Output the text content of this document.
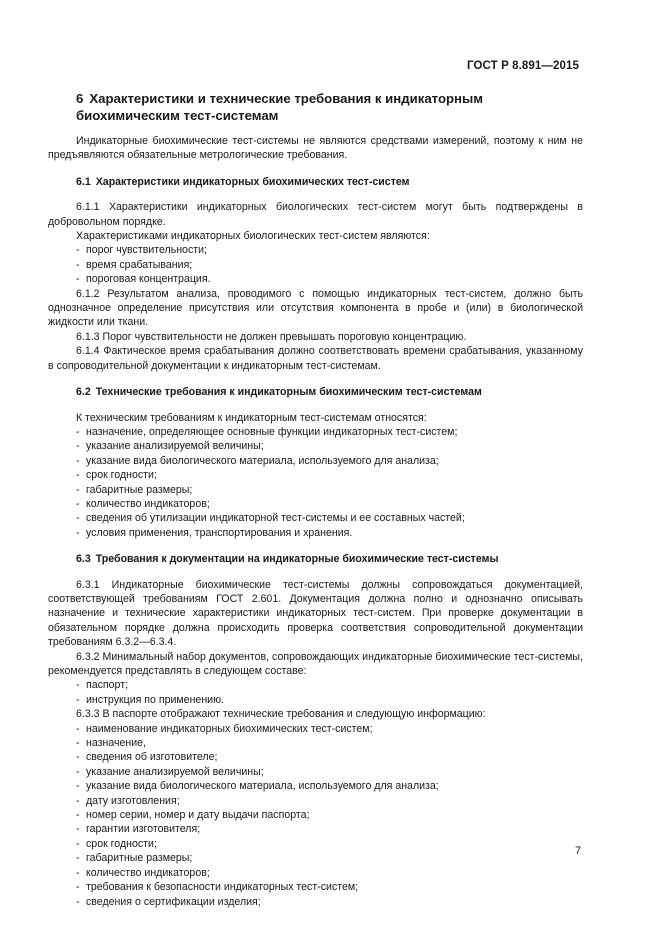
ГОСТ Р 8.891—2015
6 Характеристики и технические требования к индикаторным биохимическим тест-системам

Индикаторные биохимические тест-системы не являются средствами измерений, поэтому к ним не предъявляются обязательные метрологические требования.

6.1 Характеристики индикаторных биохимических тест-систем

6.1.1 Характеристики индикаторных биологических тест-систем могут быть подтверждены в добровольном порядке.

Характеристиками индикаторных биологических тест-систем являются:

- порог чувствительности;
- время срабатывания;
- пороговая концентрация.

6.1.2 Результатом анализа, проводимого с помощью индикаторных тест-систем, должно быть однозначное определение присутствия или отсутствия компонента в пробе и (или) в биологической жидкости или ткани.

6.1.3 Порог чувствительности не должен превышать пороговую концентрацию.

6.1.4 Фактическое время срабатывания должно соответствовать времени срабатывания, указанному в сопроводительной документации к индикаторным тест-системам.

6.2 Технические требования к индикаторным биохимическим тест-системам

К техническим требованиям к индикаторным тест-системам относятся:

- назначение, определяющее основные функции индикаторных тест-систем;
- указание анализируемой величины;
- указание вида биологического материала, используемого для анализа;
- срок годности;
- габаритные размеры;
- количество индикаторов;
- сведения об утилизации индикаторной тест-системы и ее составных частей;
- условия применения, транспортирования и хранения.
6.3 Требования к документации на индикаторные биохимические тест-системы

6.3.1 Индикаторные биохимические тест-системы должны сопровождаться документацией, соответствующей требованиям ГОСТ 2.601. Документация должна полно и однозначно описывать назначение и технические характеристики индикаторных тест-систем. При проверке документации в обязательном порядке должна происходить проверка соответствия сопроводительной документации требованиям 6.3.2—6.3.4.

6.3.2 Минимальный набор документов, сопровождающих индикаторные биохимические тест-системы, рекомендуется представлять в следующем составе:

- паспорт;
- инструкция по применению.

6.3.3 В паспорте отображают технические требования и следующую информацию:

- наименование индикаторных биохимических тест-систем;
- назначение,
- сведения об изготовителе;
- указание анализируемой величины;
- указание вида биологического материала, используемого для анализа;
- дату изготовления;
- номер серии, номер и дату выдачи паспорта;
- гарантии изготовителя;
- срок годности;
- габаритные размеры;
- количество индикаторов;
- требования к безопасности индикаторных тест-систем;
- сведения о сертификации изделия;
7
